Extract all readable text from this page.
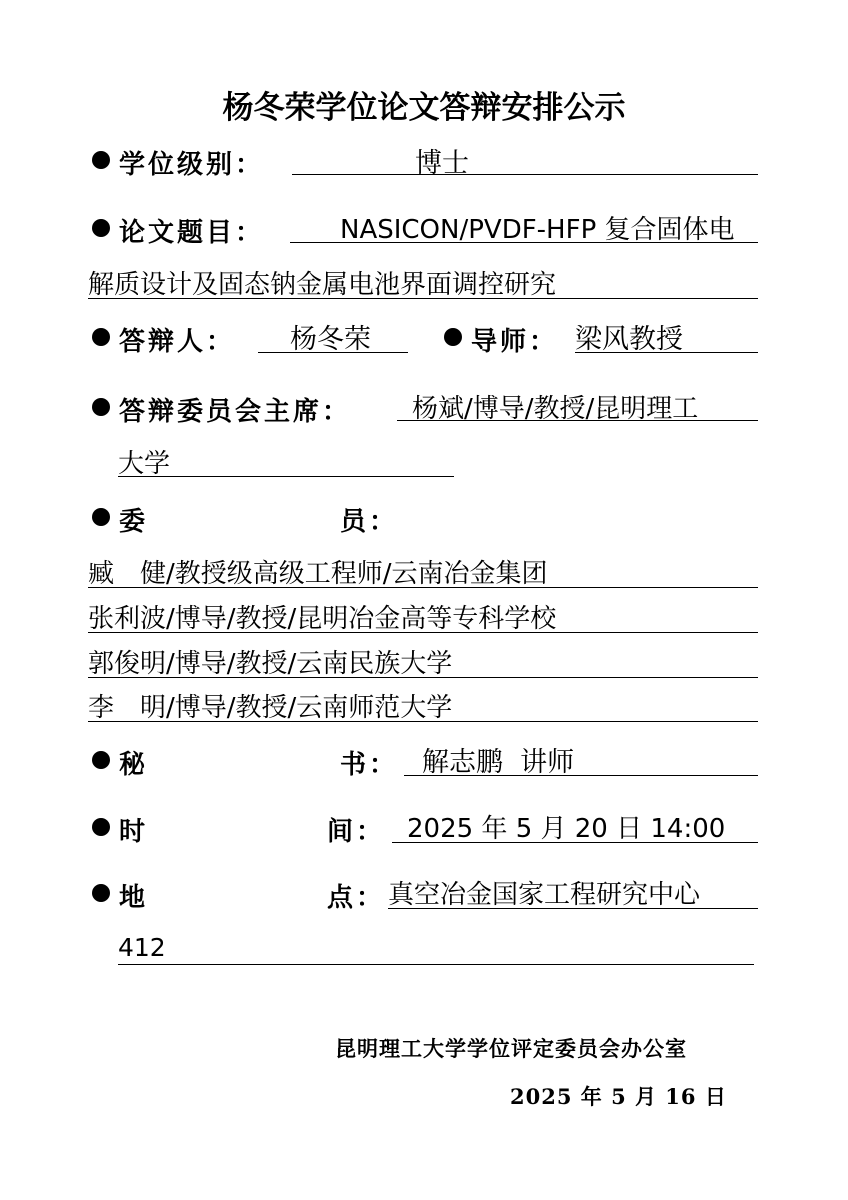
杨冬荣学位论文答辩安排公示
学位级别：	博士
论文题目：	NASICON/PVDF-HFP 复合固体电
解质设计及固态钠金属电池界面调控研究
答辩人： 杨冬荣	导师： 梁风教授
答辩委员会主席： 杨斌/博导/教授/昆明理工
大学
委	员：
臧　健/教授级高级工程师/云南冶金集团
张利波/博导/教授/昆明冶金高等专科学校
郭俊明/博导/教授/云南民族大学
李　明/博导/教授/云南师范大学
秘	书： 解志鹏  讲师
时	间： 2025 年 5 月 20 日 14:00
地	点： 真空冶金国家工程研究中心
412
昆明理工大学学位评定委员会办公室
2025 年 5 月 16 日
